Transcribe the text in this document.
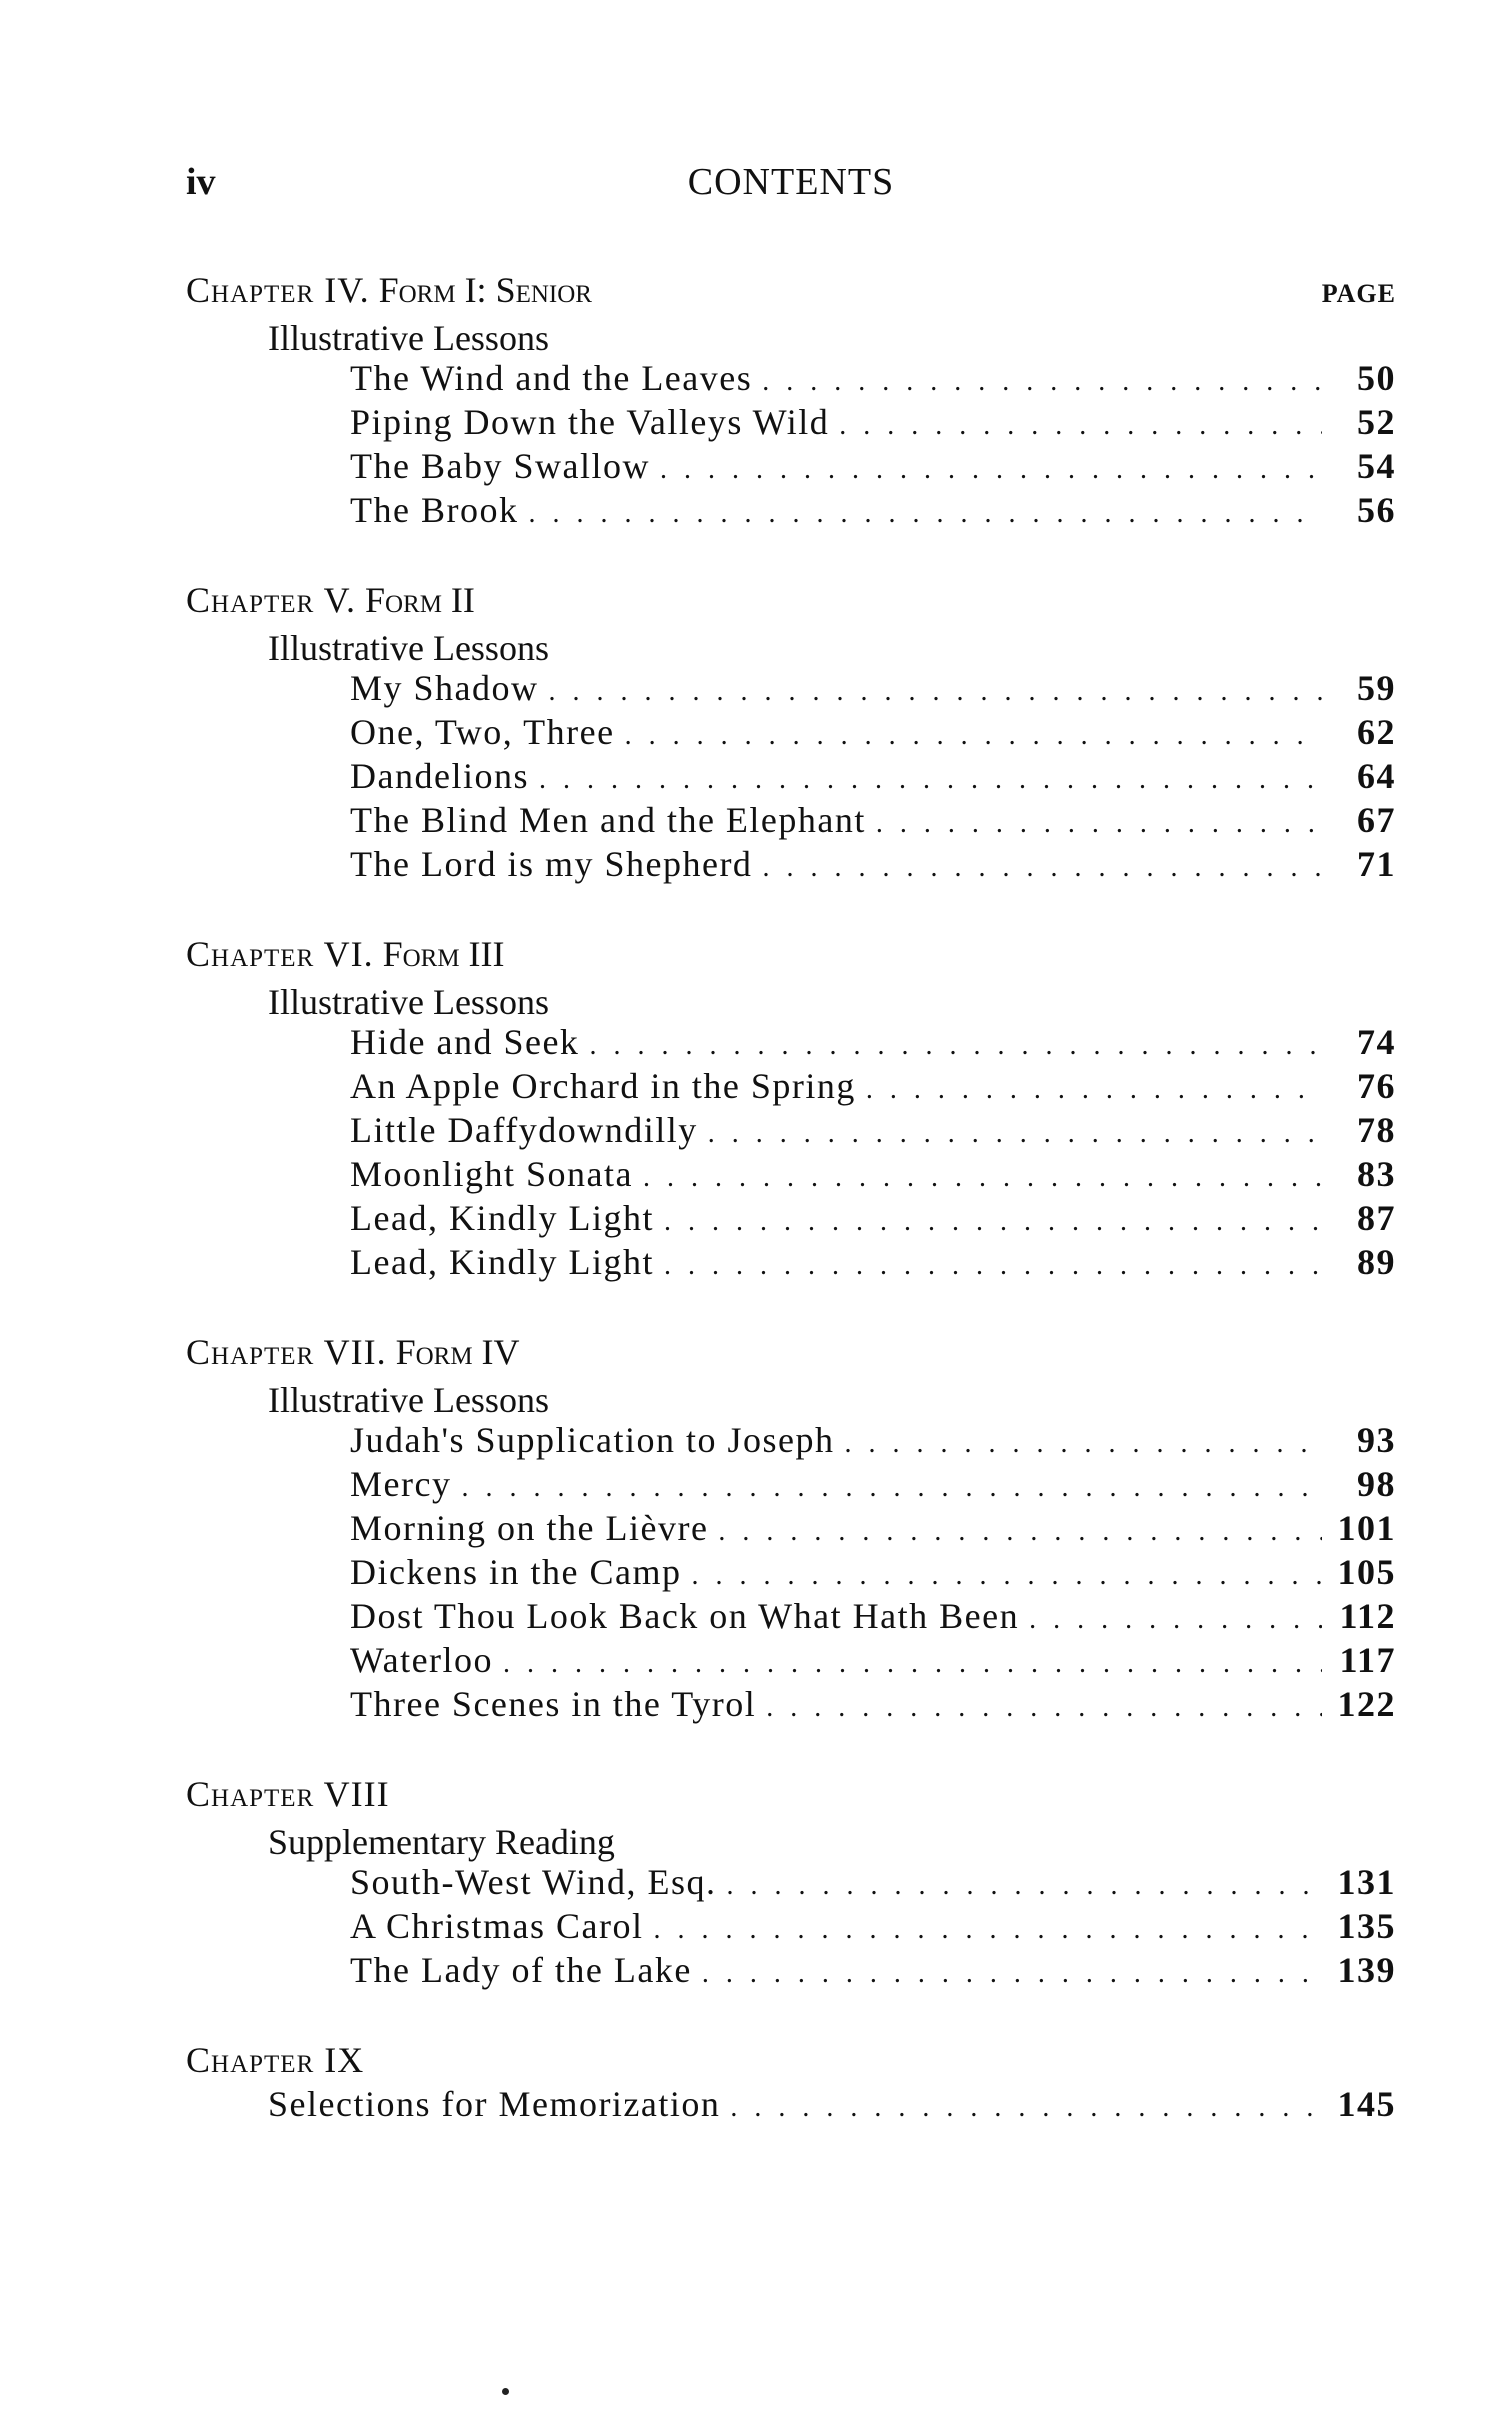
iv	CONTENTS
Chapter IV. Form I: Senior	PAGE
Illustrative Lessons
The Wind and the Leaves . . .	50
Piping Down the Valleys Wild . . .	52
The Baby Swallow . . .	54
The Brook . . .	56
Chapter V. Form II
Illustrative Lessons
My Shadow . . .	59
One, Two, Three . . .	62
Dandelions . . .	64
The Blind Men and the Elephant . . .	67
The Lord is my Shepherd . . .	71
Chapter VI. Form III
Illustrative Lessons
Hide and Seek . . .	74
An Apple Orchard in the Spring . . .	76
Little Daffydowndilly . . .	78
Moonlight Sonata . . .	83
Lead, Kindly Light . . .	87
Lead, Kindly Light . . .	89
Chapter VII. Form IV
Illustrative Lessons
Judah's Supplication to Joseph . . .	93
Mercy . . .	98
Morning on the Lièvre . . .	101
Dickens in the Camp . . .	105
Dost Thou Look Back on What Hath Been . . .	112
Waterloo . . .	117
Three Scenes in the Tyrol . . .	122
Chapter VIII
Supplementary Reading
South-West Wind, Esq. . . .	131
A Christmas Carol . . .	135
The Lady of the Lake . . .	139
Chapter IX
Selections for Memorization . . .	145
